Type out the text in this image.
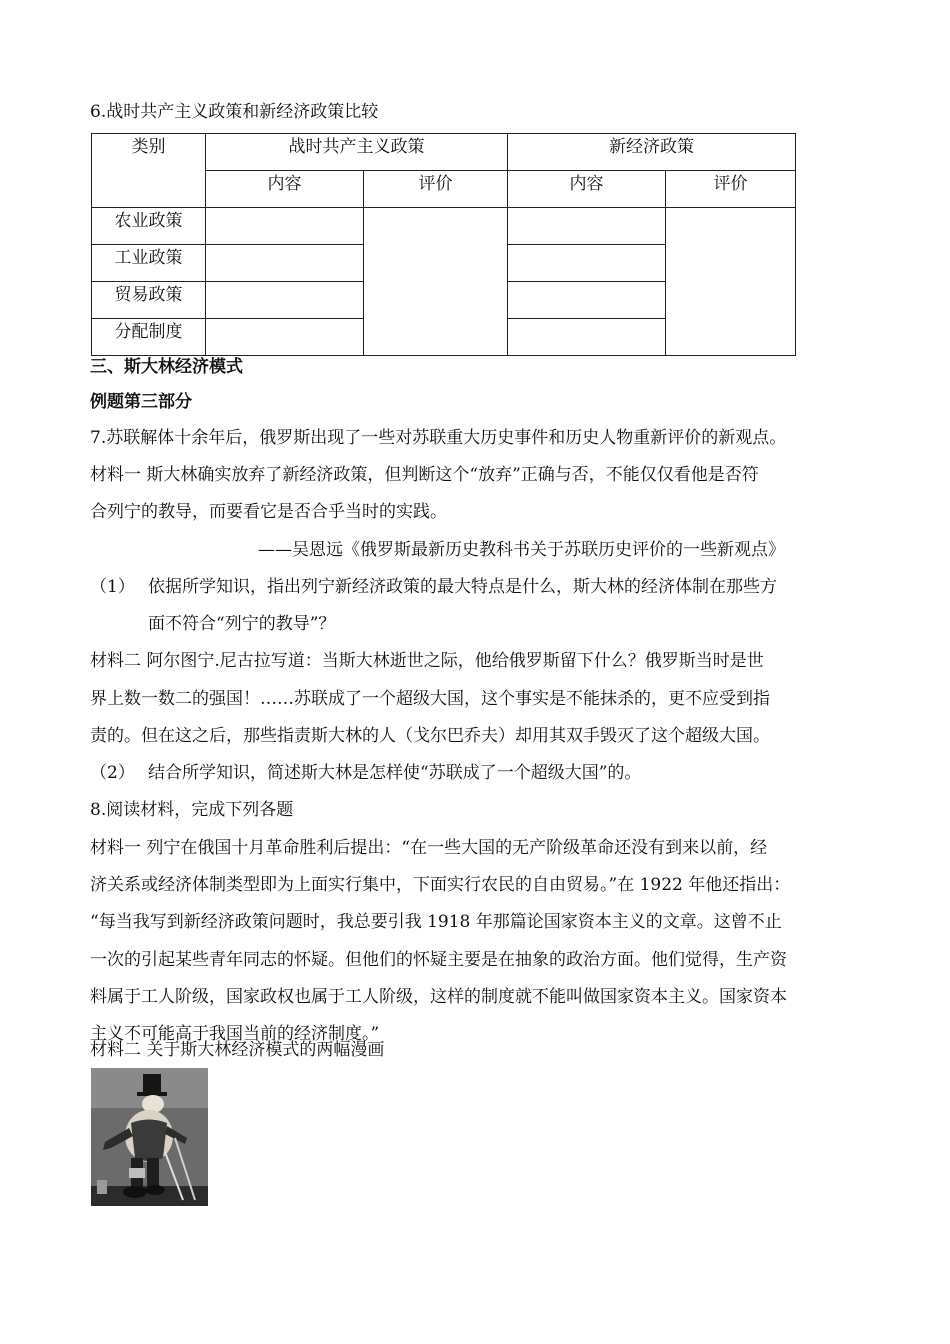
6.战时共产主义政策和新经济政策比较
类别	战时共产主义政策		新经济政策	
	内容	评价	内容	评价
农业政策				
工业政策				
贸易政策				
分配制度				
三、斯大林经济模式
例题第三部分
7.苏联解体十余年后，俄罗斯出现了一些对苏联重大历史事件和历史人物重新评价的新观点。
材料一 斯大林确实放弃了新经济政策，但判断这个“放弃”正确与否，不能仅仅看他是否符
合列宁的教导，而要看它是否合乎当时的实践。
——吴恩远《俄罗斯最新历史教科书关于苏联历史评价的一些新观点》
（1） 依据所学知识，指出列宁新经济政策的最大特点是什么，斯大林的经济体制在那些方
面不符合“列宁的教导”？
材料二 阿尔图宁.尼古拉写道：当斯大林逝世之际，他给俄罗斯留下什么？俄罗斯当时是世
界上数一数二的强国！……苏联成了一个超级大国，这个事实是不能抹杀的，更不应受到指
责的。但在这之后，那些指责斯大林的人（戈尔巴乔夫）却用其双手毁灭了这个超级大国。
（2） 结合所学知识，简述斯大林是怎样使“苏联成了一个超级大国”的。
8.阅读材料，完成下列各题
材料一 列宁在俄国十月革命胜利后提出：“在一些大国的无产阶级革命还没有到来以前，经
济关系或经济体制类型即为上面实行集中，下面实行农民的自由贸易。”在 1922 年他还指出：
“每当我写到新经济政策问题时，我总要引我 1918 年那篇论国家资本主义的文章。这曾不止
一次的引起某些青年同志的怀疑。但他们的怀疑主要是在抽象的政治方面。他们觉得，生产资
料属于工人阶级，国家政权也属于工人阶级，这样的制度就不能叫做国家资本主义。国家资本
主义不可能高于我国当前的经济制度。”
材料二 关于斯大林经济模式的两幅漫画
